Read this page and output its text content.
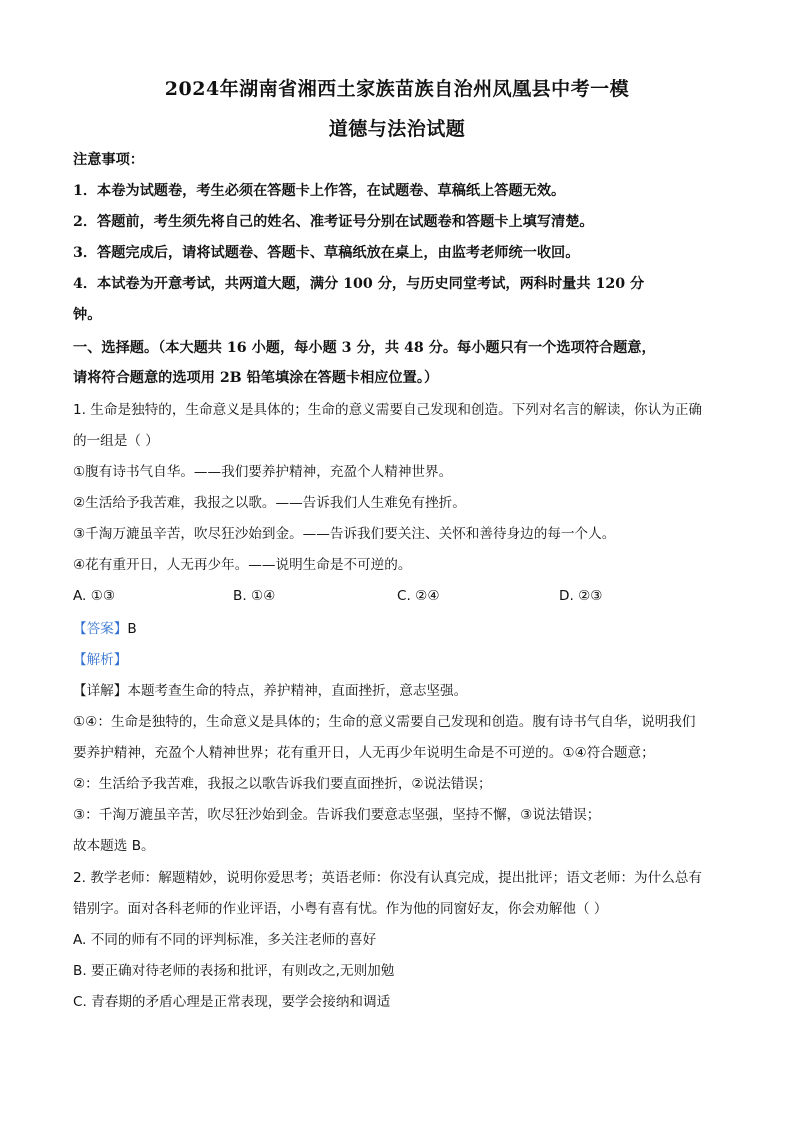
2024年湖南省湘西土家族苗族自治州凤凰县中考一模
道德与法治试题
注意事项：
1．本卷为试题卷，考生必须在答题卡上作答，在试题卷、草稿纸上答题无效。
2．答题前，考生须先将自己的姓名、准考证号分别在试题卷和答题卡上填写清楚。
3．答题完成后，请将试题卷、答题卡、草稿纸放在桌上，由监考老师统一收回。
4．本试卷为开意考试，共两道大题，满分 100 分，与历史同堂考试，两科时量共 120 分
钟。
一、选择题。（本大题共 16 小题，每小题 3 分，共 48 分。每小题只有一个选项符合题意，
请将符合题意的选项用 2B 铅笔填涂在答题卡相应位置。）
1. 生命是独特的，生命意义是具体的；生命的意义需要自己发现和创造。下列对名言的解读，你认为正确
的一组是（ ）
①腹有诗书气自华。——我们要养护精神，充盈个人精神世界。
②生活给予我苦难，我报之以歌。——告诉我们人生难免有挫折。
③千淘万漉虽辛苦，吹尽狂沙始到金。——告诉我们要关注、关怀和善待身边的每一个人。
④花有重开日，人无再少年。——说明生命是不可逆的。
A. ①③	B. ①④	C. ②④	D. ②③
【答案】B
【解析】
【详解】本题考查生命的特点，养护精神，直面挫折，意志坚强。
①④：生命是独特的，生命意义是具体的；生命的意义需要自己发现和创造。腹有诗书气自华，说明我们
要养护精神，充盈个人精神世界；花有重开日，人无再少年说明生命是不可逆的。①④符合题意；
②：生活给予我苦难，我报之以歌告诉我们要直面挫折，②说法错误；
③：千淘万漉虽辛苦，吹尽狂沙始到金。告诉我们要意志坚强，坚持不懈，③说法错误；
故本题选 B。
2. 教学老师：解题精妙，说明你爱思考；英语老师：你没有认真完成，提出批评；语文老师：为什么总有
错别字。面对各科老师的作业评语，小粤有喜有忧。作为他的同窗好友，你会劝解他（ ）
A. 不同的师有不同的评判标准，多关注老师的喜好
B. 要正确对待老师的表扬和批评，有则改之,无则加勉
C. 青春期的矛盾心理是正常表现，要学会接纳和调适
